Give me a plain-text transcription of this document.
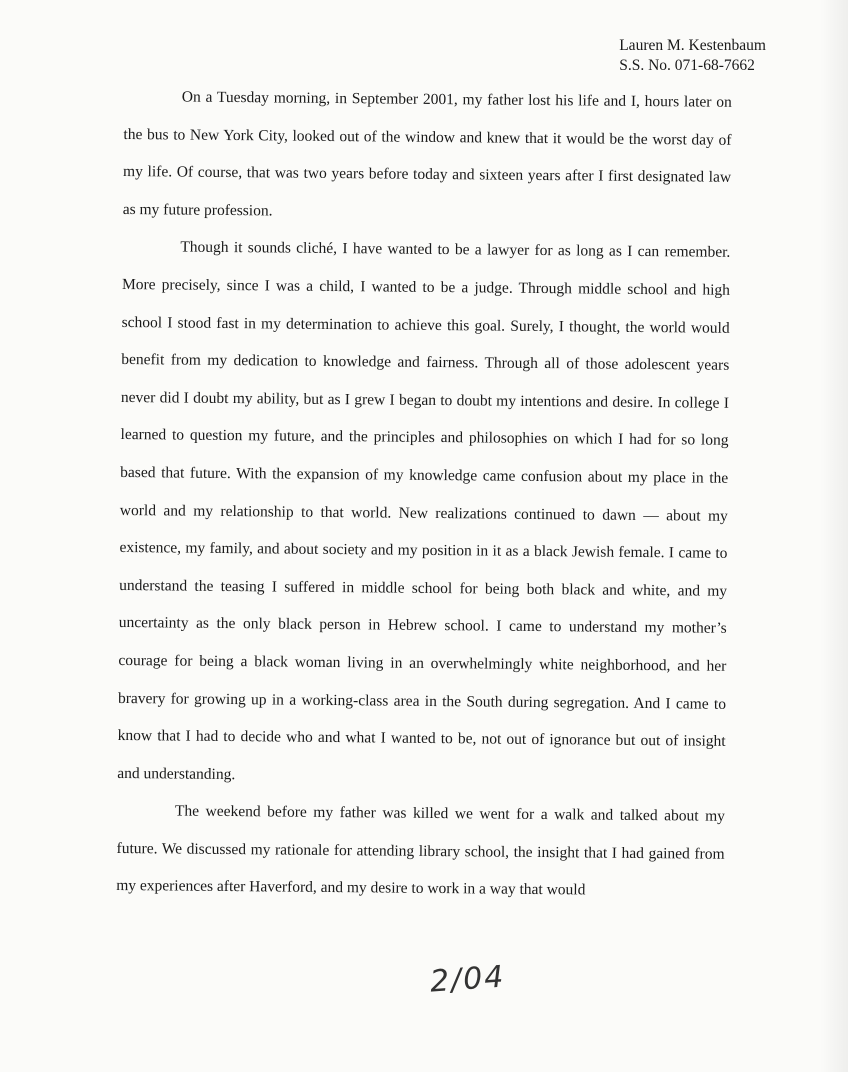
Lauren M. Kestenbaum
S.S. No. 071-68-7662

On a Tuesday morning, in September 2001, my father lost his life and I, hours later on the bus to New York City, looked out of the window and knew that it would be the worst day of my life. Of course, that was two years before today and sixteen years after I first designated law as my future profession.

Though it sounds cliché, I have wanted to be a lawyer for as long as I can remember. More precisely, since I was a child, I wanted to be a judge. Through middle school and high school I stood fast in my determination to achieve this goal. Surely, I thought, the world would benefit from my dedication to knowledge and fairness. Through all of those adolescent years never did I doubt my ability, but as I grew I began to doubt my intentions and desire. In college I learned to question my future, and the principles and philosophies on which I had for so long based that future. With the expansion of my knowledge came confusion about my place in the world and my relationship to that world. New realizations continued to dawn — about my existence, my family, and about society and my position in it as a black Jewish female. I came to understand the teasing I suffered in middle school for being both black and white, and my uncertainty as the only black person in Hebrew school. I came to understand my mother’s courage for being a black woman living in an overwhelmingly white neighborhood, and her bravery for growing up in a working-class area in the South during segregation. And I came to know that I had to decide who and what I wanted to be, not out of ignorance but out of insight and understanding.

The weekend before my father was killed we went for a walk and talked about my future. We discussed my rationale for attending library school, the insight that I had gained from my experiences after Haverford, and my desire to work in a way that would

2/04
